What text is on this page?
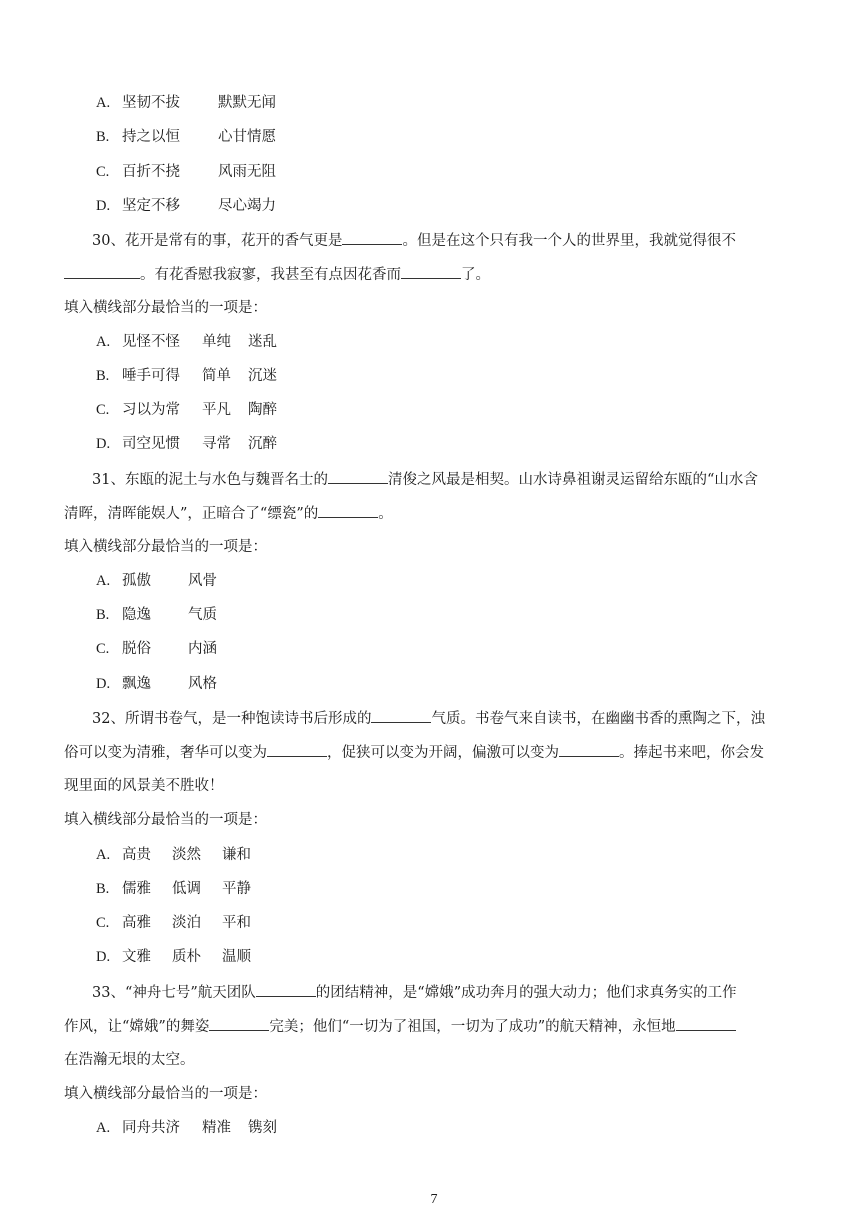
A. 坚韧不拔	默默无闻
B. 持之以恒	心甘情愿
C. 百折不挠	风雨无阻
D. 坚定不移	尽心竭力
30、花开是常有的事，花开的香气更是	。但是在这个只有我一个人的世界里，我就觉得很不
。有花香慰我寂寥，我甚至有点因花香而	了。
填入横线部分最恰当的一项是：
A. 见怪不怪 单纯 迷乱
B. 唾手可得 简单 沉迷
C. 习以为常 平凡 陶醉
D. 司空见惯 寻常 沉醉
31、东瓯的泥土与水色与魏晋名士的	清俊之风最是相契。山水诗鼻祖谢灵运留给东瓯的“山水含
清晖，清晖能娱人”，正暗合了“缥瓷”的	。
填入横线部分最恰当的一项是：
A. 孤傲	风骨
B. 隐逸	气质
C. 脱俗	内涵
D. 飘逸	风格
32、所谓书卷气，是一种饱读诗书后形成的	气质。书卷气来自读书，在幽幽书香的熏陶之下，浊
俗可以变为清雅，奢华可以变为	，促狭可以变为开阔，偏激可以变为	。捧起书来吧，你会发
现里面的风景美不胜收！
填入横线部分最恰当的一项是：
A. 高贵 淡然 谦和
B. 儒雅 低调 平静
C. 高雅 淡泊 平和
D. 文雅 质朴 温顺
33、“神舟七号”航天团队	的团结精神，是“嫦娥”成功奔月的强大动力；他们求真务实的工作
作风，让“嫦娥”的舞姿	完美；他们“一切为了祖国，一切为了成功”的航天精神，永恒地
在浩瀚无垠的太空。
填入横线部分最恰当的一项是：
A. 同舟共济 精准 镌刻
7
